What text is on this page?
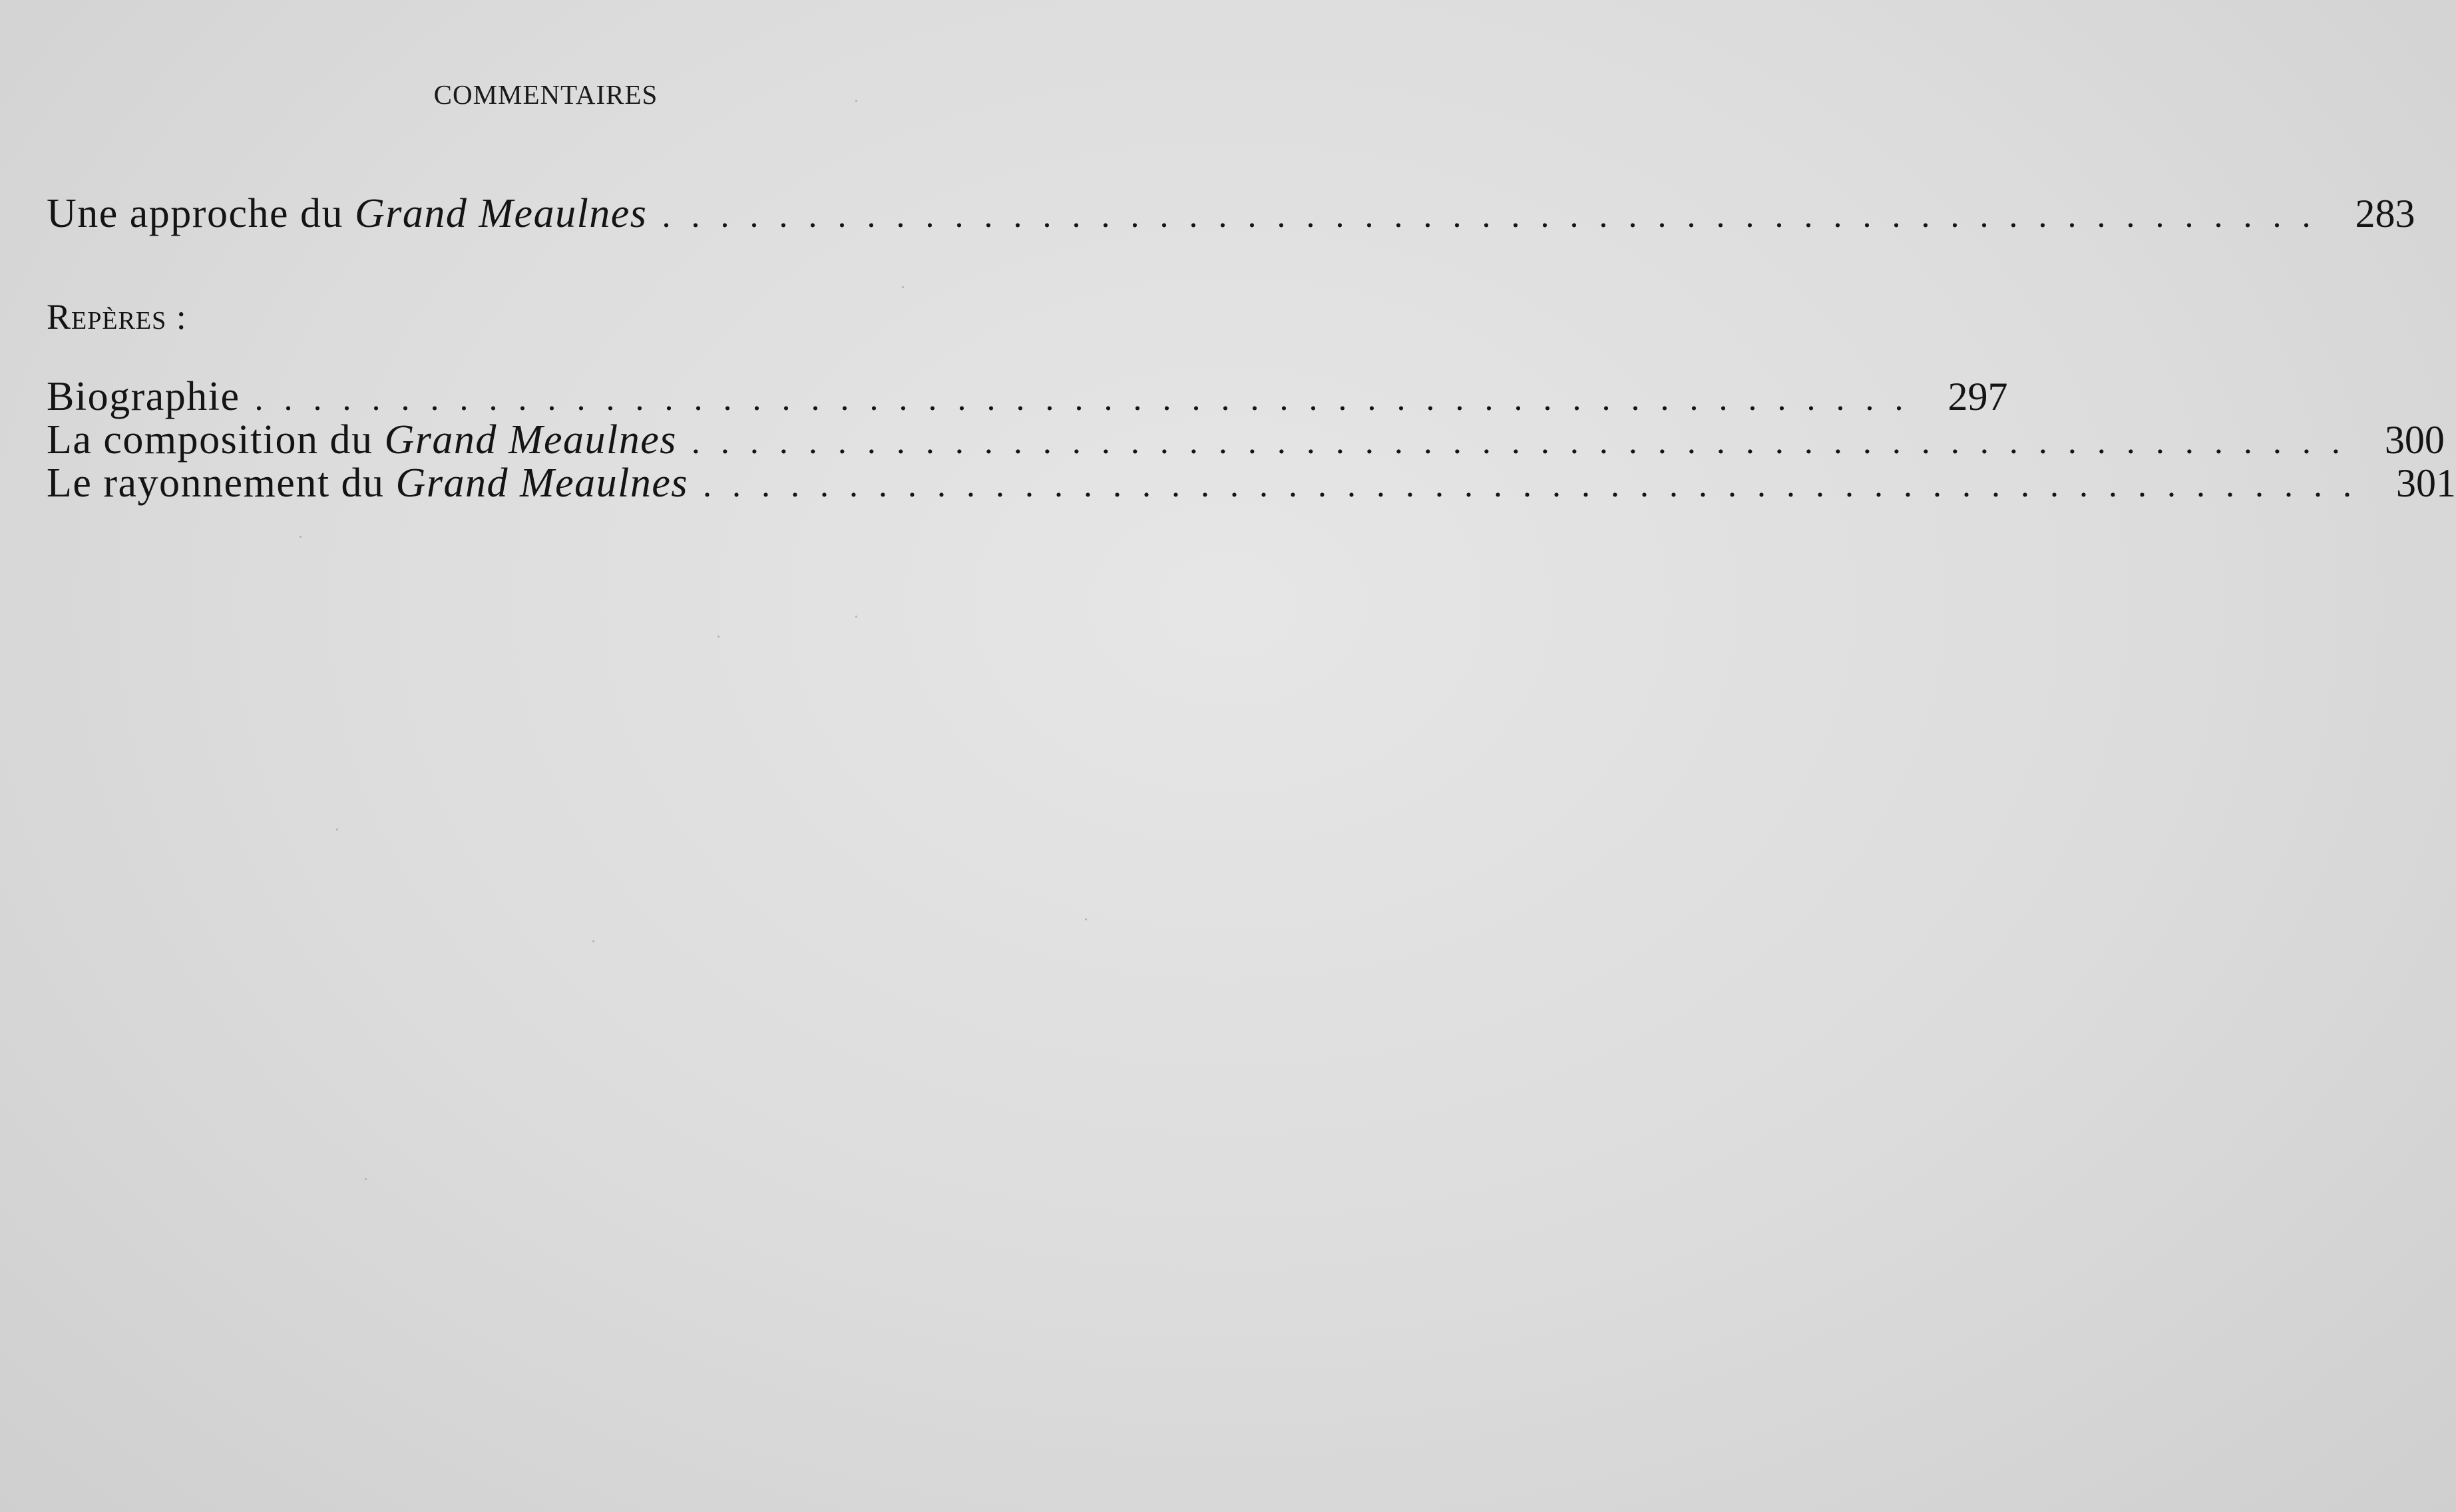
COMMENTAIRES
Une approche du Grand Meaulnes . . . . . . . . . . . . . . . . . . . . . . . . . . . . . . . . . . . . . . . . . . . . . . . . . . . . . . . . . 283
Repères :
Biographie . . . . . . . . . . . . . . . . . . . . . . . . . . . . . . . . . . . . . . . . . . . . . . . . . . . . . . . . . 297
La composition du Grand Meaulnes . . . . . . . . . . . . . . . . . . . . . . . . . . . . . . . . . . . . . . . . . . . . . . . . . . . . . . . . . 300
Le rayonnement du Grand Meaulnes . . . . . . . . . . . . . . . . . . . . . . . . . . . . . . . . . . . . . . . . . . . . . . . . . . . . . . . . . 301
